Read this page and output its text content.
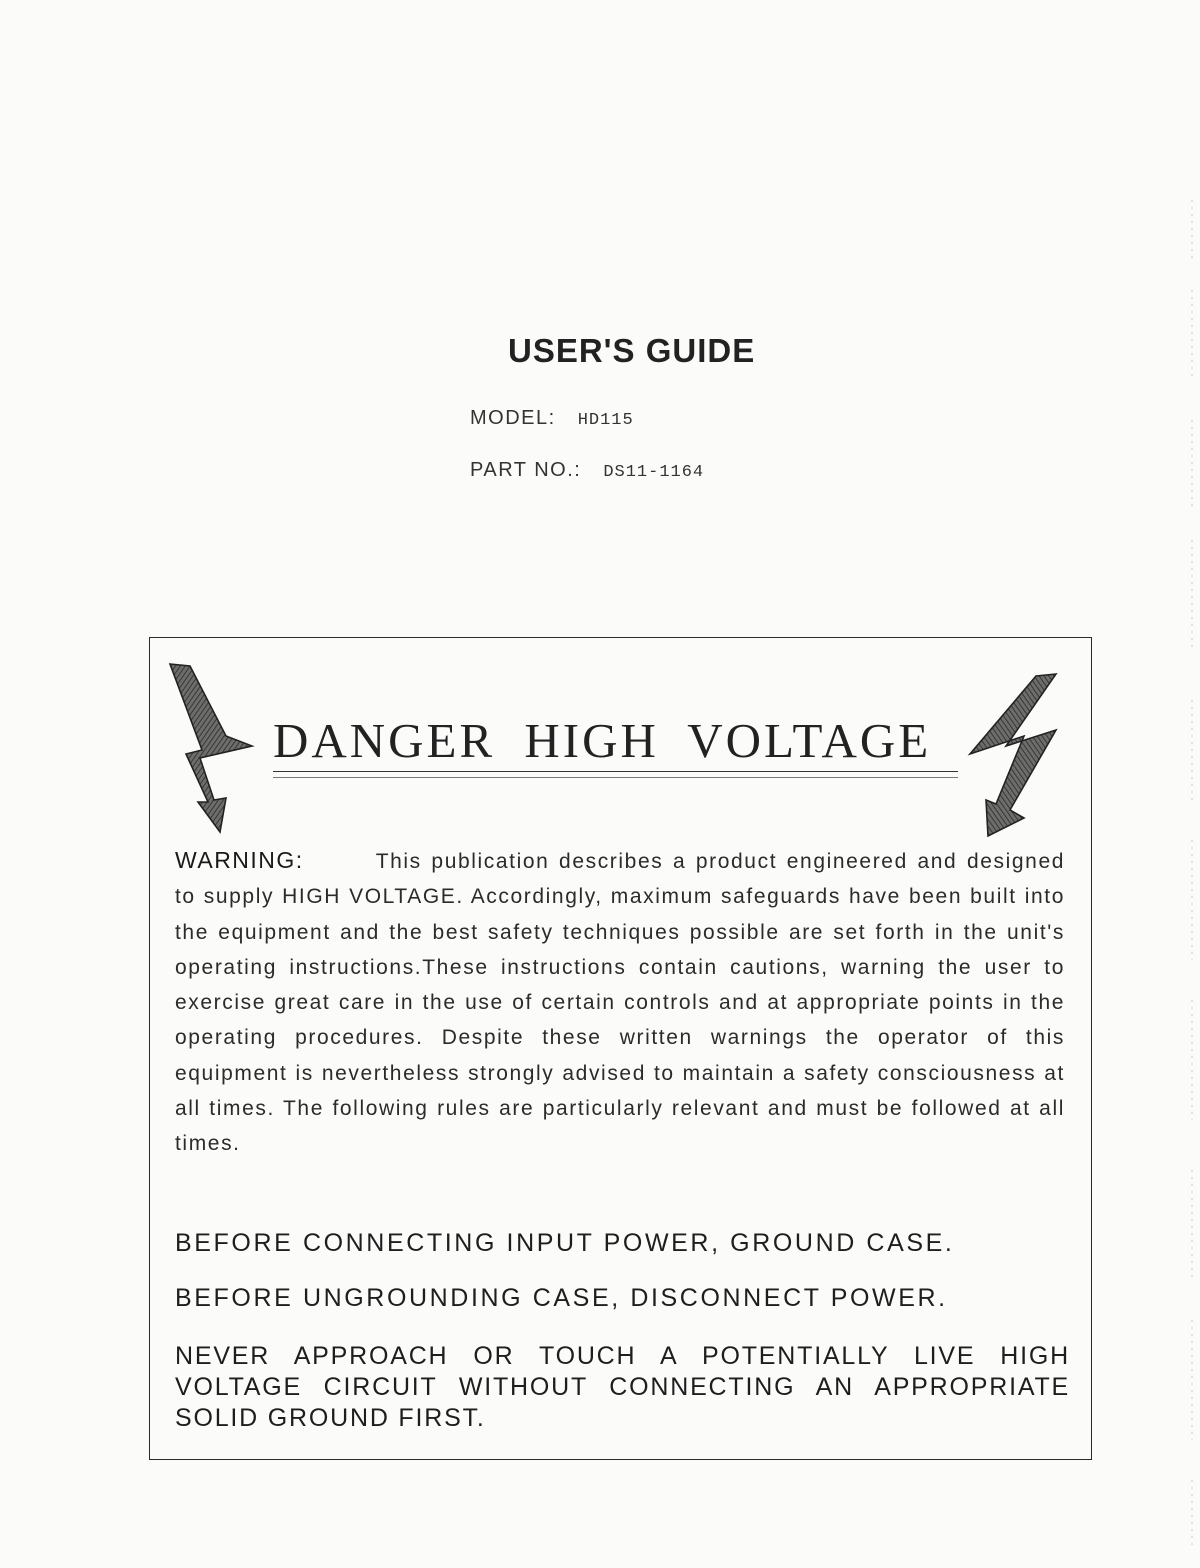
USER'S GUIDE
MODEL: HD115
PART NO.: DS11-1164
DANGER HIGH VOLTAGE
WARNING:	This publication describes a product engineered and designed to supply HIGH VOLTAGE. Accordingly, maximum safeguards have been built into the equipment and the best safety techniques possible are set forth in the unit's operating instructions.These instructions contain cautions, warning the user to exercise great care in the use of certain controls and at appropriate points in the operating procedures. Despite these written warnings the operator of this equipment is nevertheless strongly advised to maintain a safety consciousness at all times. The following rules are particularly relevant and must be followed at all times.
BEFORE CONNECTING INPUT POWER, GROUND CASE.
BEFORE UNGROUNDING CASE, DISCONNECT POWER.
NEVER APPROACH OR TOUCH A POTENTIALLY LIVE HIGH VOLTAGE CIRCUIT WITHOUT CONNECTING AN APPROPRIATE SOLID GROUND FIRST.
